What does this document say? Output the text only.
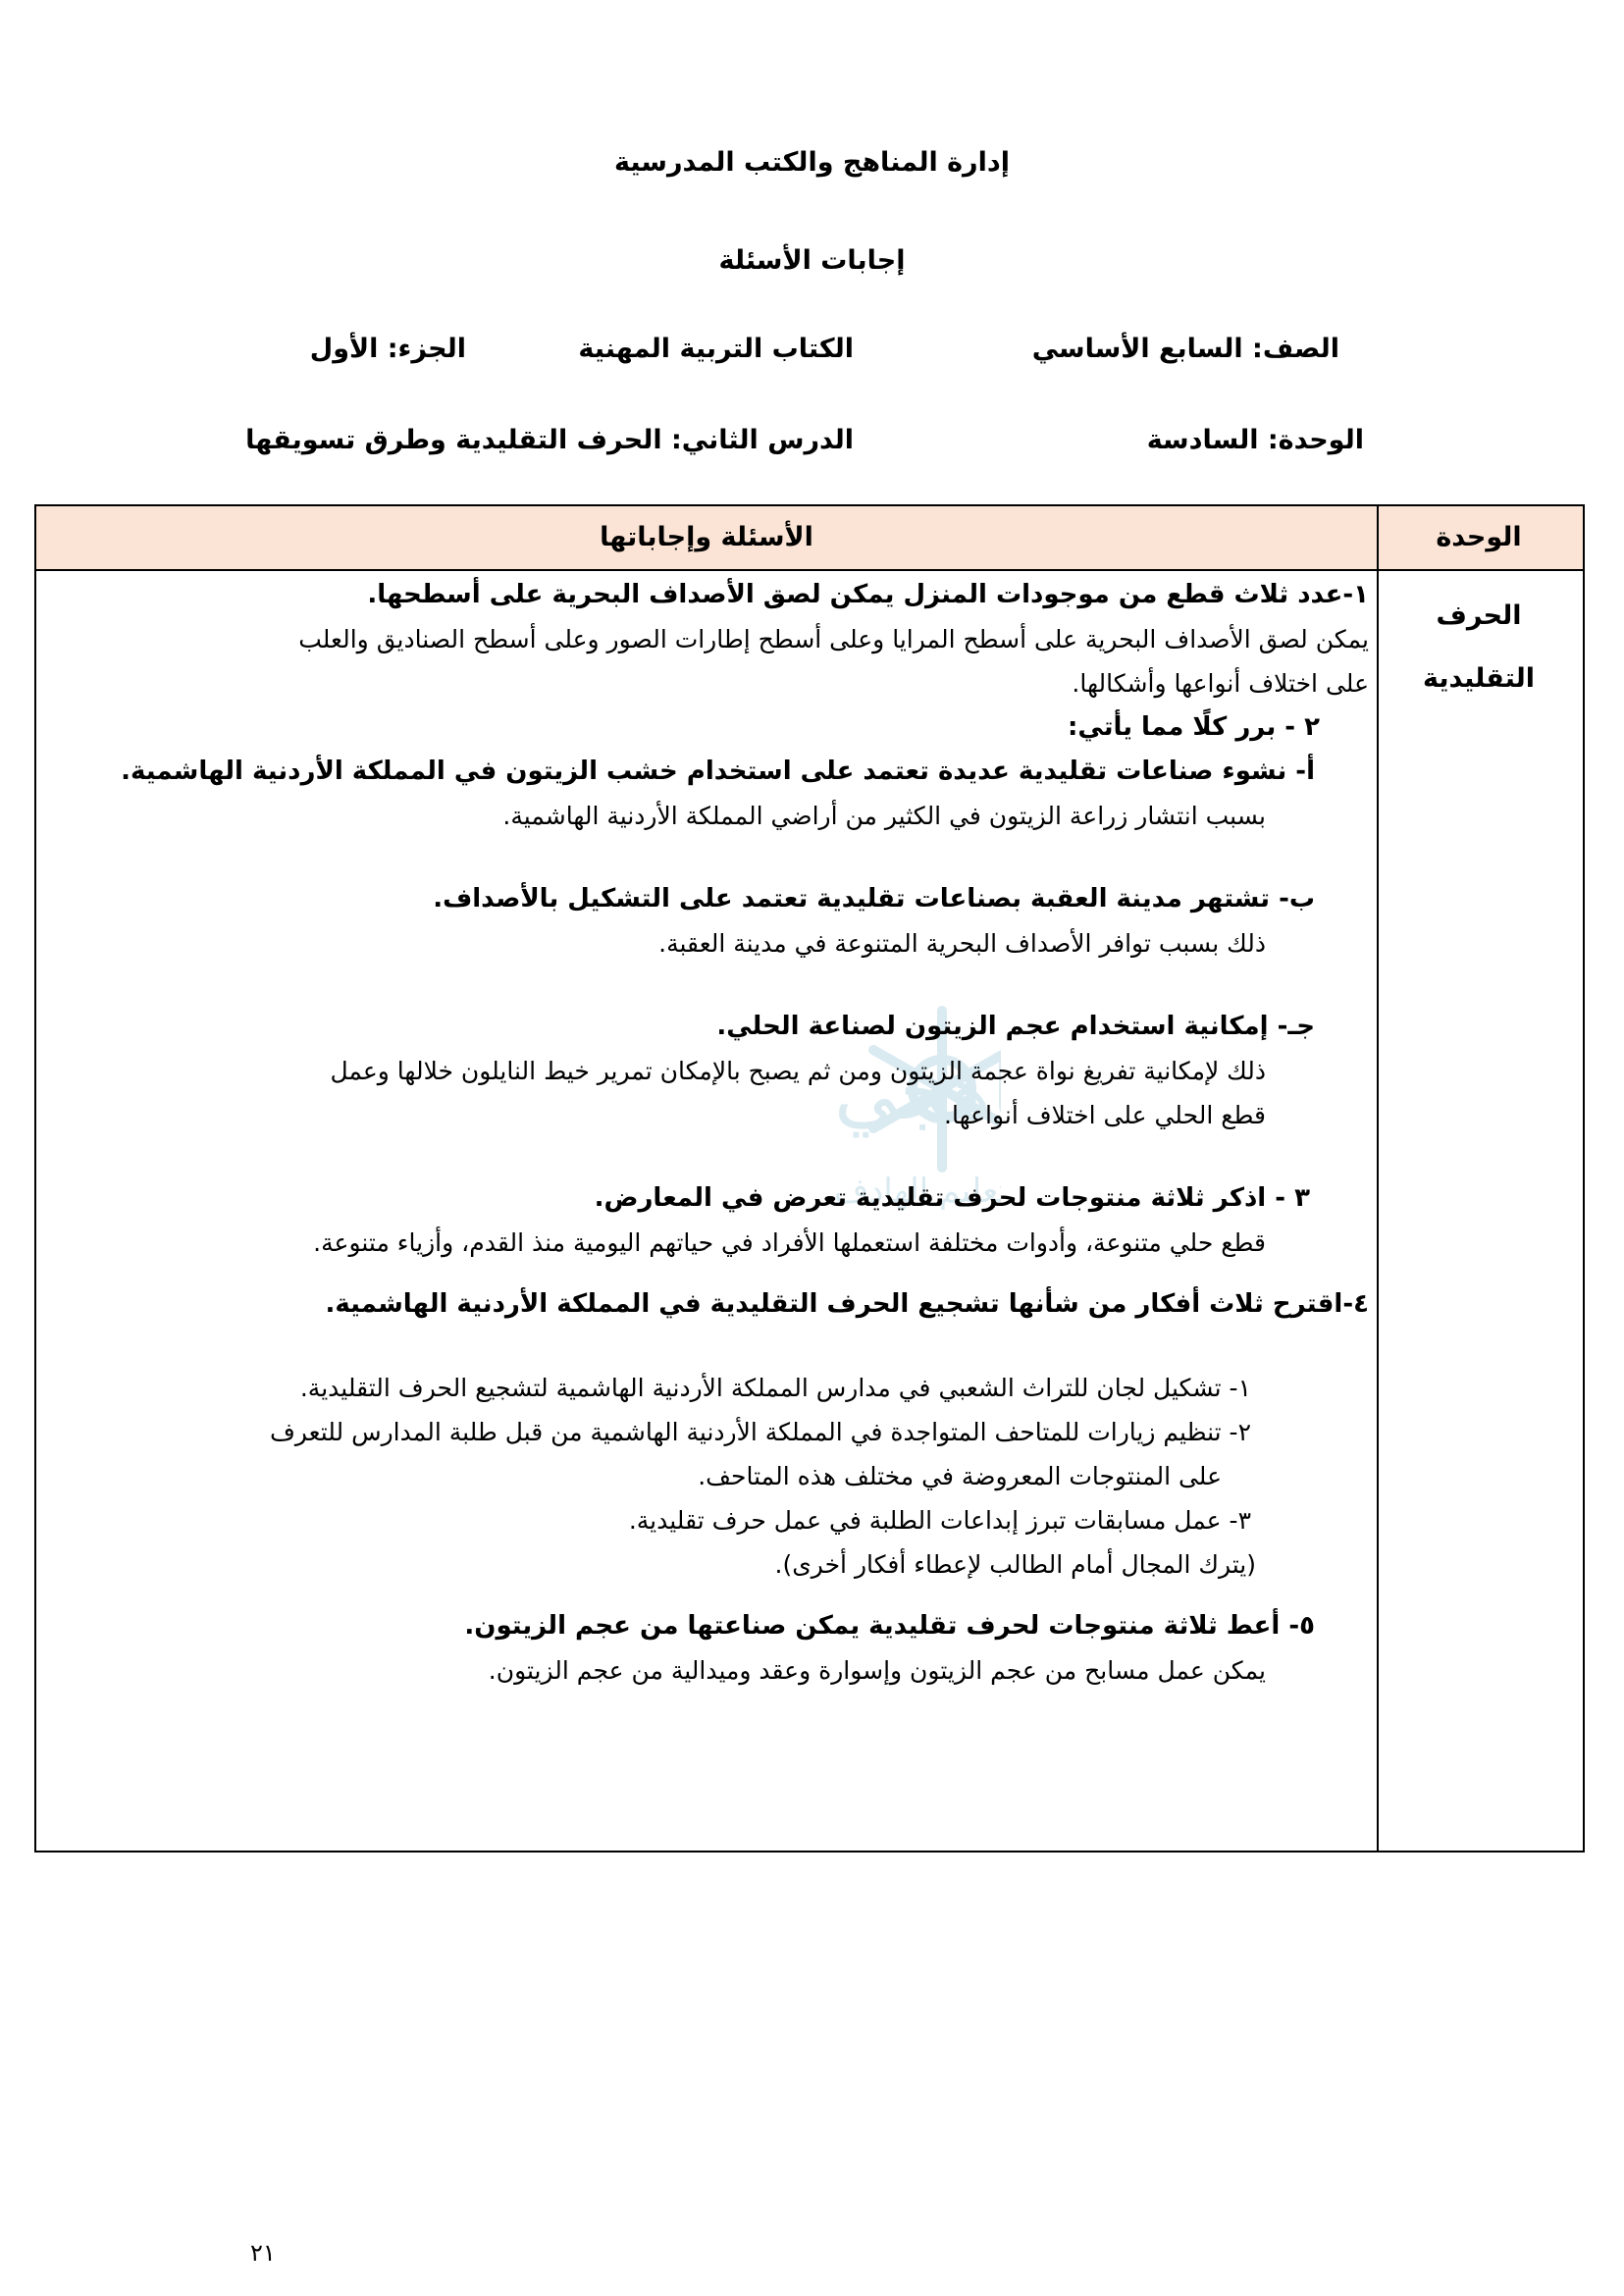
إدارة المناهج والكتب المدرسية
إجابات الأسئلة
الصف: السابع الأساسي
الكتاب التربية المهنية
الجزء: الأول
الوحدة: السادسة
الدرس الثاني: الحرف التقليدية وطرق تسويقها
هجي
عليم الهادف
الوحدة
الأسئلة وإجاباتها
الحرف
التقليدية

١-عدد ثلاث قطع من موجودات المنزل يمكن لصق الأصداف البحرية على أسطحها.

يمكن لصق الأصداف البحرية على أسطح المرايا وعلى أسطح إطارات الصور وعلى أسطح الصناديق والعلب

على اختلاف أنواعها وأشكالها.

٢ - برر كلًا مما يأتي:

أ- نشوء صناعات تقليدية عديدة تعتمد على استخدام خشب الزيتون في المملكة الأردنية الهاشمية.

بسبب انتشار زراعة الزيتون في الكثير من أراضي المملكة الأردنية الهاشمية.

ب- تشتهر مدينة العقبة بصناعات تقليدية تعتمد على التشكيل بالأصداف.

ذلك بسبب توافر الأصداف البحرية المتنوعة في مدينة العقبة.

جـ- إمكانية استخدام عجم الزيتون لصناعة الحلي.

ذلك لإمكانية تفريغ نواة عجمة الزيتون ومن ثم يصبح بالإمكان تمرير خيط النايلون خلالها وعمل

قطع الحلي على اختلاف أنواعها.

٣ - اذكر ثلاثة منتوجات لحرف تقليدية تعرض في المعارض.

قطع حلي متنوعة، وأدوات مختلفة استعملها الأفراد في حياتهم اليومية منذ القدم، وأزياء متنوعة.

٤-اقترح ثلاث أفكار من شأنها تشجيع الحرف التقليدية في المملكة الأردنية الهاشمية.

١- تشكيل لجان للتراث الشعبي في مدارس المملكة الأردنية الهاشمية لتشجيع الحرف التقليدية.

٢- تنظيم زيارات للمتاحف المتواجدة في المملكة الأردنية الهاشمية من قبل طلبة المدارس للتعرف

على المنتوجات المعروضة في مختلف هذه المتاحف.

٣- عمل مسابقات تبرز إبداعات الطلبة في عمل حرف تقليدية.

(يترك المجال أمام الطالب لإعطاء أفكار أخرى).

٥- أعط ثلاثة منتوجات لحرف تقليدية يمكن صناعتها من عجم الزيتون.

يمكن عمل مسابح من عجم الزيتون وإسوارة وعقد وميدالية من عجم الزيتون.

٢١
